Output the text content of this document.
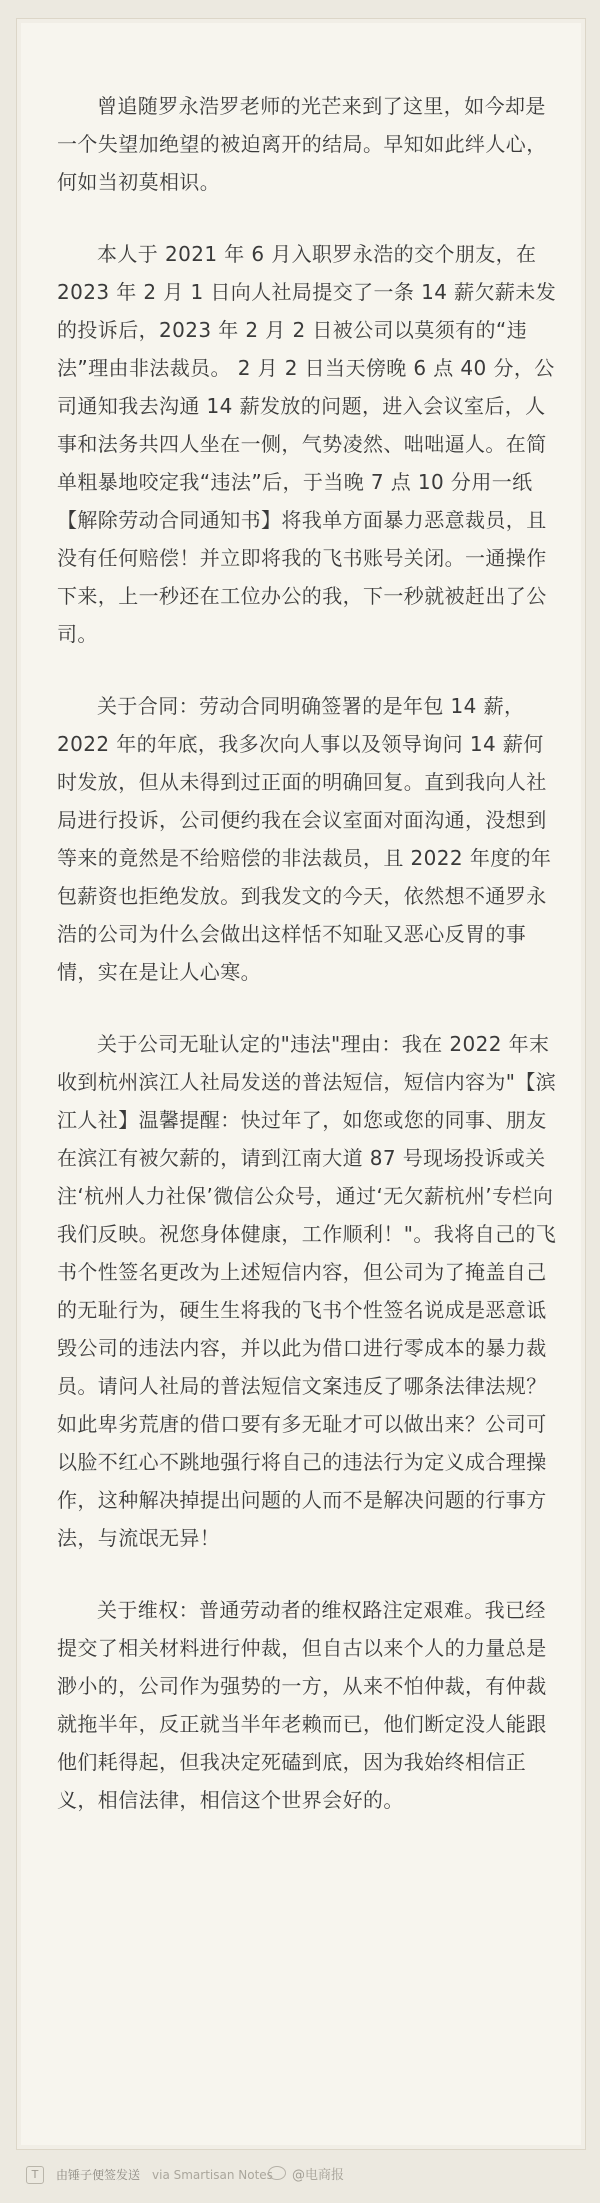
曾追随罗永浩罗老师的光芒来到了这里，如今却是一个失望加绝望的被迫离开的结局。早知如此绊人心，何如当初莫相识。

本人于 2021 年 6 月入职罗永浩的交个朋友，在 2023 年 2 月 1 日向人社局提交了一条 14 薪欠薪未发的投诉后，2023 年 2 月 2 日被公司以莫须有的“违法”理由非法裁员。 2 月 2 日当天傍晚 6 点 40 分，公司通知我去沟通 14 薪发放的问题，进入会议室后，人事和法务共四人坐在一侧，气势凌然、咄咄逼人。在简单粗暴地咬定我“违法”后，于当晚 7 点 10 分用一纸【解除劳动合同通知书】将我单方面暴力恶意裁员，且没有任何赔偿！并立即将我的飞书账号关闭。一通操作下来，上一秒还在工位办公的我，下一秒就被赶出了公司。

关于合同：劳动合同明确签署的是年包 14 薪，2022 年的年底，我多次向人事以及领导询问 14 薪何时发放，但从未得到过正面的明确回复。直到我向人社局进行投诉，公司便约我在会议室面对面沟通，没想到等来的竟然是不给赔偿的非法裁员，且 2022 年度的年包薪资也拒绝发放。到我发文的今天，依然想不通罗永浩的公司为什么会做出这样恬不知耻又恶心反胃的事情，实在是让人心寒。

关于公司无耻认定的"违法"理由：我在 2022 年末收到杭州滨江人社局发送的普法短信，短信内容为"【滨江人社】温馨提醒：快过年了，如您或您的同事、朋友在滨江有被欠薪的，请到江南大道 87 号现场投诉或关注‘杭州人力社保’微信公众号，通过‘无欠薪杭州’专栏向我们反映。祝您身体健康，工作顺利！"。我将自己的飞书个性签名更改为上述短信内容，但公司为了掩盖自己的无耻行为，硬生生将我的飞书个性签名说成是恶意诋毁公司的违法内容，并以此为借口进行零成本的暴力裁员。请问人社局的普法短信文案违反了哪条法律法规？如此卑劣荒唐的借口要有多无耻才可以做出来？公司可以脸不红心不跳地强行将自己的违法行为定义成合理操作，这种解决掉提出问题的人而不是解决问题的行事方法，与流氓无异！

关于维权：普通劳动者的维权路注定艰难。我已经提交了相关材料进行仲裁，但自古以来个人的力量总是渺小的，公司作为强势的一方，从来不怕仲裁，有仲裁就拖半年，反正就当半年老赖而已，他们断定没人能跟他们耗得起，但我决定死磕到底，因为我始终相信正义，相信法律，相信这个世界会好的。

T	由锤子便签发送 via Smartisan Notes	@电商报
